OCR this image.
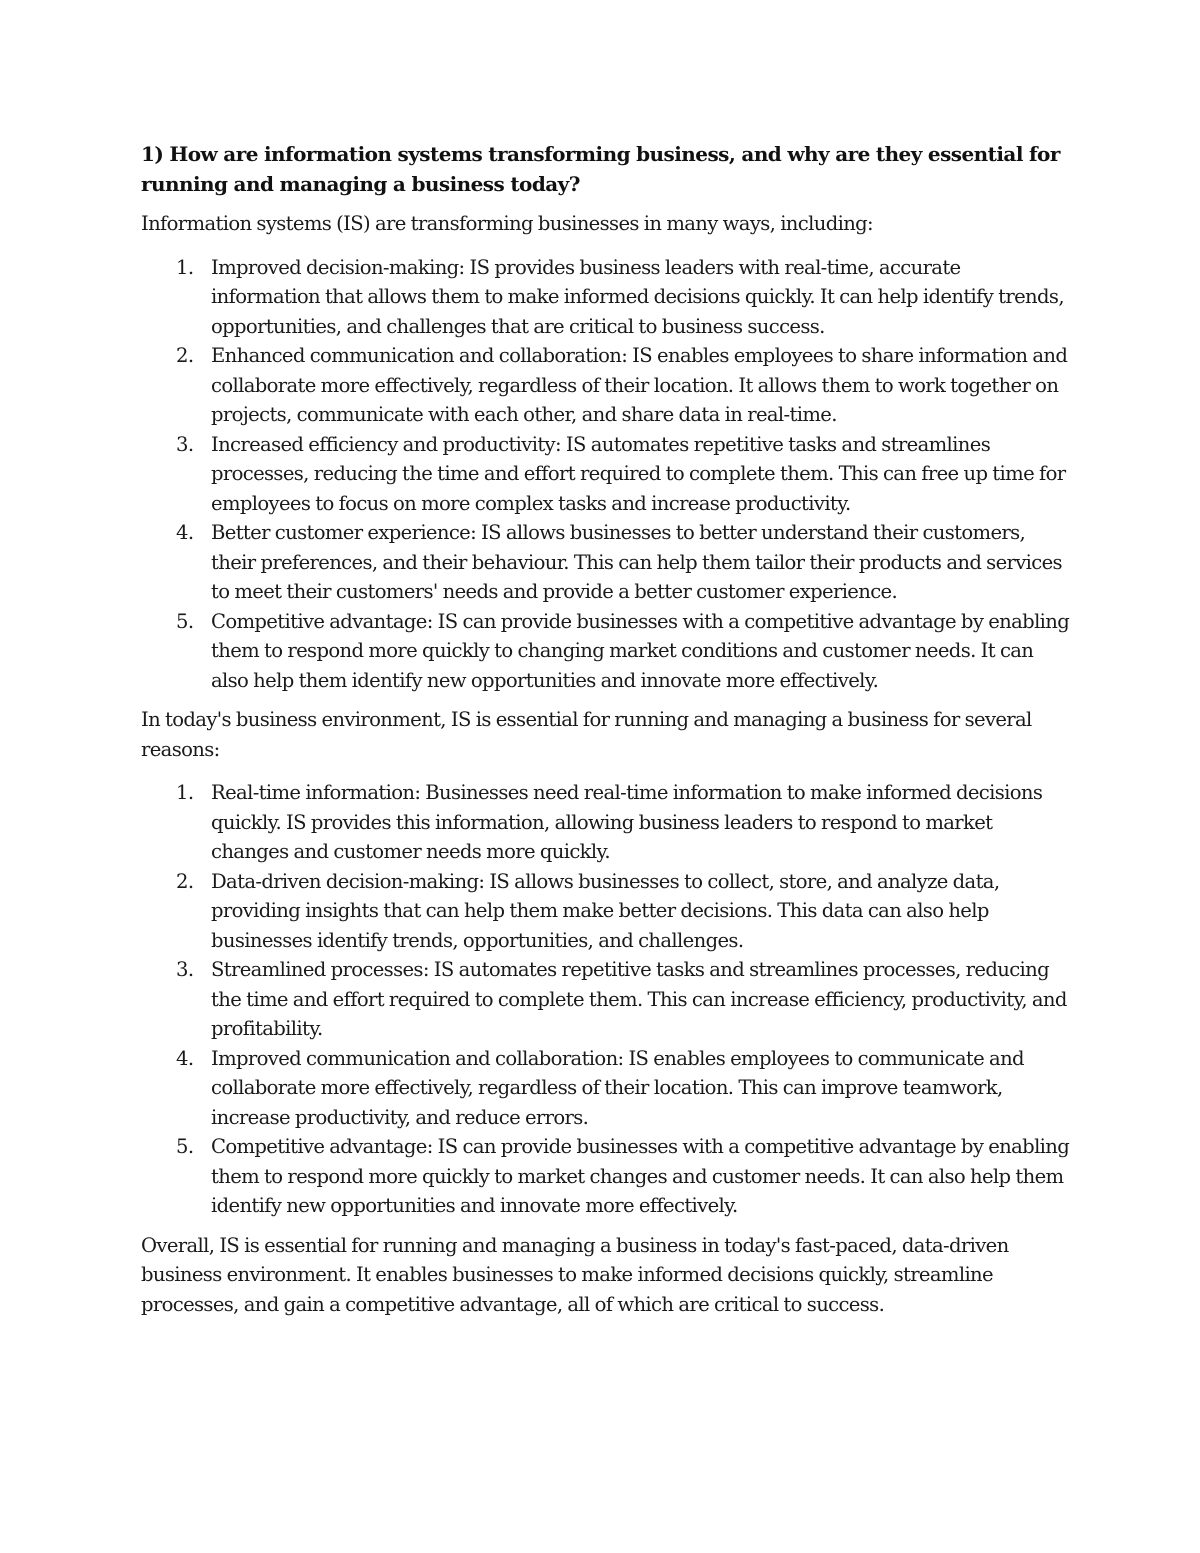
1) How are information systems transforming business, and why are they essential for running and managing a business today?

Information systems (IS) are transforming businesses in many ways, including:

1. Improved decision-making: IS provides business leaders with real-time, accurate information that allows them to make informed decisions quickly. It can help identify trends, opportunities, and challenges that are critical to business success.
2. Enhanced communication and collaboration: IS enables employees to share information and collaborate more effectively, regardless of their location. It allows them to work together on projects, communicate with each other, and share data in real-time.
3. Increased efficiency and productivity: IS automates repetitive tasks and streamlines processes, reducing the time and effort required to complete them. This can free up time for employees to focus on more complex tasks and increase productivity.
4. Better customer experience: IS allows businesses to better understand their customers, their preferences, and their behaviour. This can help them tailor their products and services to meet their customers' needs and provide a better customer experience.
5. Competitive advantage: IS can provide businesses with a competitive advantage by enabling them to respond more quickly to changing market conditions and customer needs. It can also help them identify new opportunities and innovate more effectively.

In today's business environment, IS is essential for running and managing a business for several reasons:

1. Real-time information: Businesses need real-time information to make informed decisions quickly. IS provides this information, allowing business leaders to respond to market changes and customer needs more quickly.
2. Data-driven decision-making: IS allows businesses to collect, store, and analyze data, providing insights that can help them make better decisions. This data can also help businesses identify trends, opportunities, and challenges.
3. Streamlined processes: IS automates repetitive tasks and streamlines processes, reducing the time and effort required to complete them. This can increase efficiency, productivity, and profitability.
4. Improved communication and collaboration: IS enables employees to communicate and collaborate more effectively, regardless of their location. This can improve teamwork, increase productivity, and reduce errors.
5. Competitive advantage: IS can provide businesses with a competitive advantage by enabling them to respond more quickly to market changes and customer needs. It can also help them identify new opportunities and innovate more effectively.

Overall, IS is essential for running and managing a business in today's fast-paced, data-driven business environment. It enables businesses to make informed decisions quickly, streamline processes, and gain a competitive advantage, all of which are critical to success.
